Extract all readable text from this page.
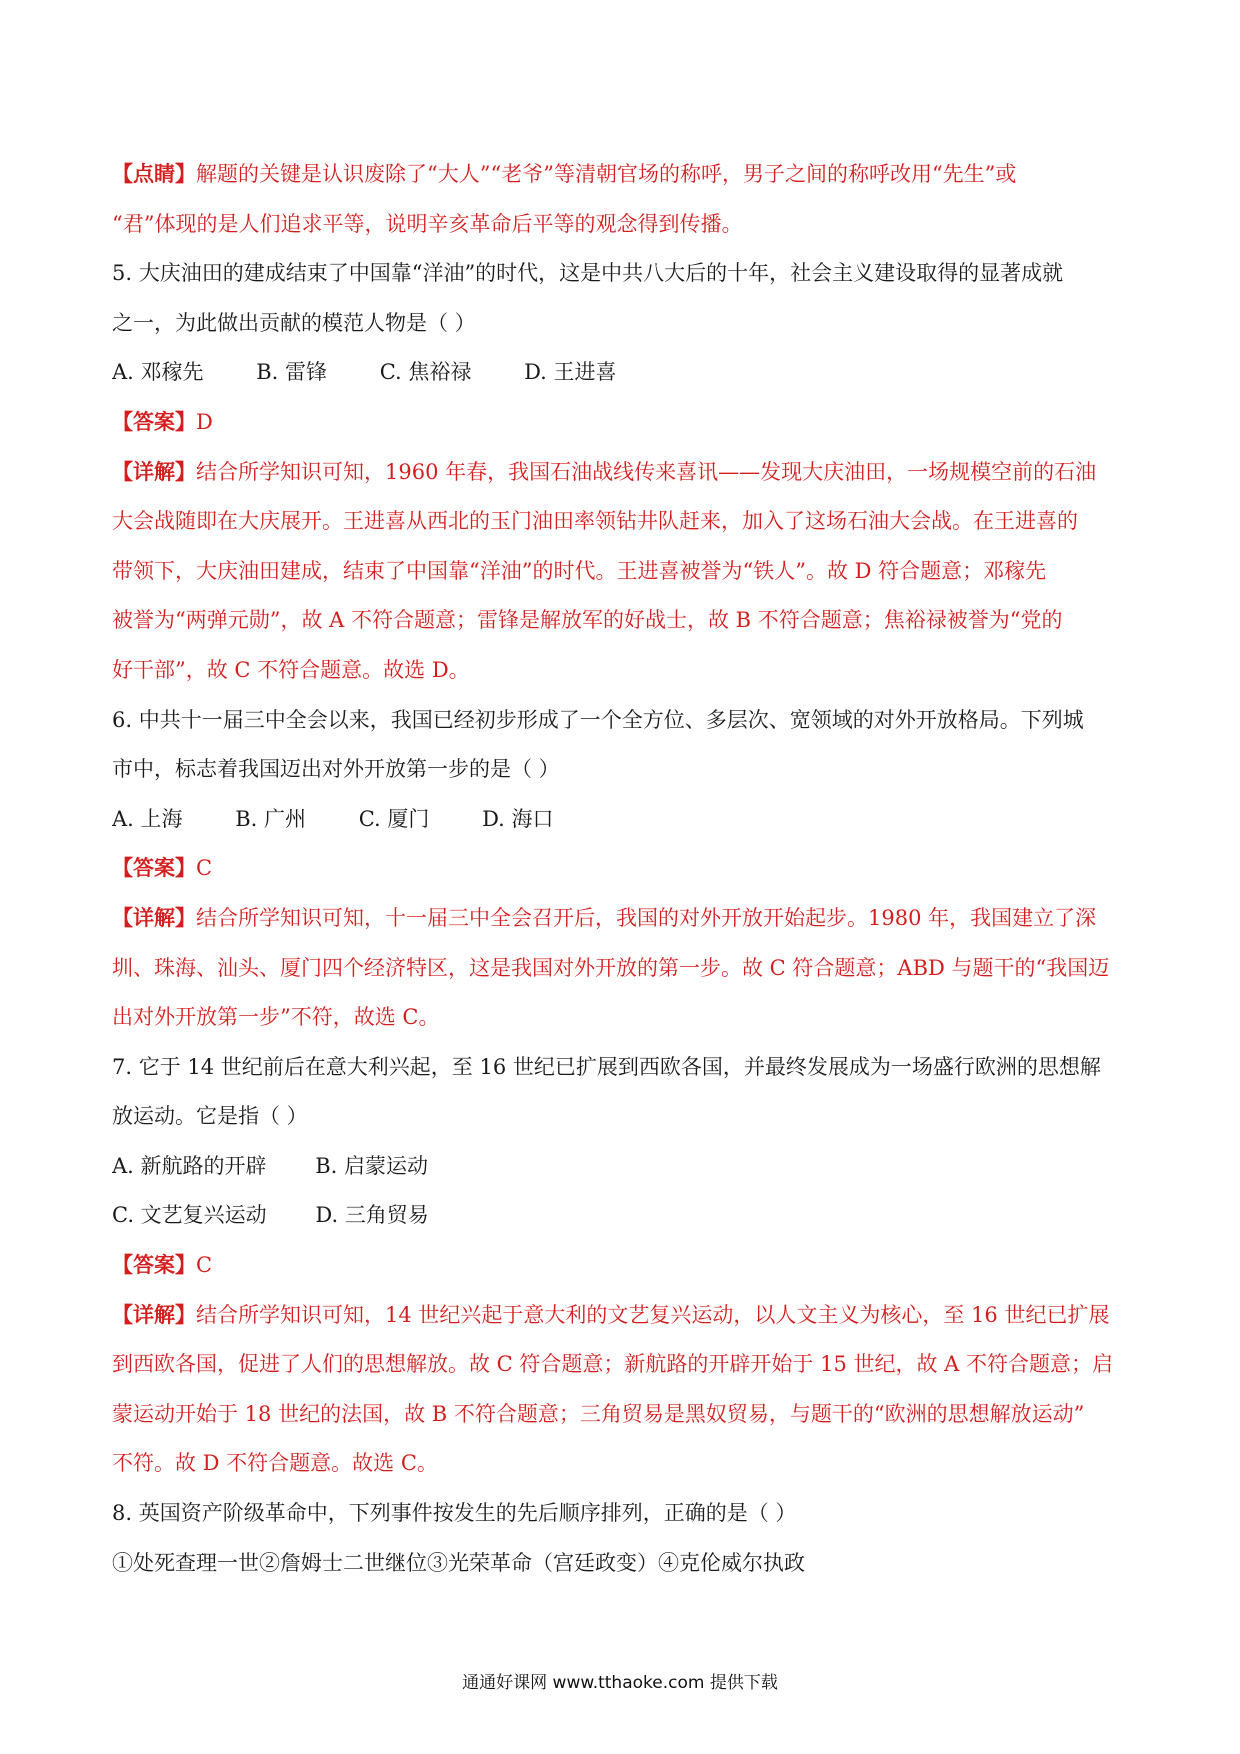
【点睛】解题的关键是认识废除了“大人”“老爷”等清朝官场的称呼，男子之间的称呼改用“先生”或
“君”体现的是人们追求平等，说明辛亥革命后平等的观念得到传播。
5. 大庆油田的建成结束了中国靠“洋油”的时代，这是中共八大后的十年，社会主义建设取得的显著成就
之一，为此做出贡献的模范人物是（ ）
A. 邓稼先	B. 雷锋	C. 焦裕禄	D. 王进喜
【答案】D
【详解】结合所学知识可知，1960 年春，我国石油战线传来喜讯——发现大庆油田，一场规模空前的石油
大会战随即在大庆展开。王进喜从西北的玉门油田率领钻井队赶来，加入了这场石油大会战。在王进喜的
带领下，大庆油田建成，结束了中国靠“洋油”的时代。王进喜被誉为“铁人”。故 D 符合题意；邓稼先
被誉为“两弹元勋”，故 A 不符合题意；雷锋是解放军的好战士，故 B 不符合题意；焦裕禄被誉为“党的
好干部”，故 C 不符合题意。故选 D。
6. 中共十一届三中全会以来，我国已经初步形成了一个全方位、多层次、宽领域的对外开放格局。下列城
市中，标志着我国迈出对外开放第一步的是（ ）
A. 上海	B. 广州	C. 厦门	D. 海口
【答案】C
【详解】结合所学知识可知，十一届三中全会召开后，我国的对外开放开始起步。1980 年，我国建立了深
圳、珠海、汕头、厦门四个经济特区，这是我国对外开放的第一步。故 C 符合题意；ABD 与题干的“我国迈
出对外开放第一步”不符，故选 C。
7. 它于 14 世纪前后在意大利兴起，至 16 世纪已扩展到西欧各国，并最终发展成为一场盛行欧洲的思想解
放运动。它是指（ ）
A. 新航路的开辟 B. 启蒙运动
C. 文艺复兴运动 D. 三角贸易
【答案】C
【详解】结合所学知识可知，14 世纪兴起于意大利的文艺复兴运动，以人文主义为核心，至 16 世纪已扩展
到西欧各国，促进了人们的思想解放。故 C 符合题意；新航路的开辟开始于 15 世纪，故 A 不符合题意；启
蒙运动开始于 18 世纪的法国，故 B 不符合题意；三角贸易是黑奴贸易，与题干的“欧洲的思想解放运动”
不符。故 D 不符合题意。故选 C。
8. 英国资产阶级革命中，下列事件按发生的先后顺序排列，正确的是（ ）
①处死查理一世②詹姆士二世继位③光荣革命（宫廷政变）④克伦威尔执政
通通好课网 www.tthaoke.com 提供下载
